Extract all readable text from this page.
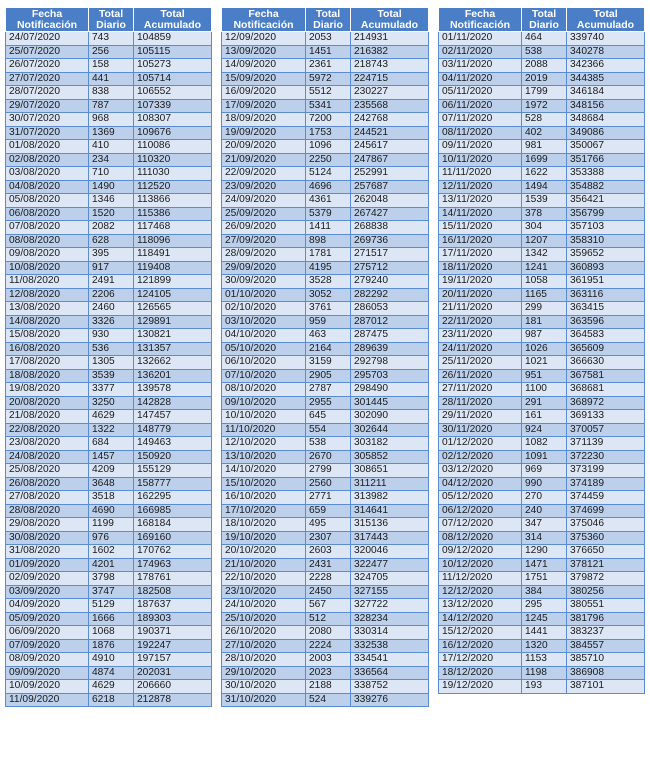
Fecha Notificación	Total Diario	Total Acumulado
24/07/2020	743	104859
25/07/2020	256	105115
26/07/2020	158	105273
27/07/2020	441	105714
28/07/2020	838	106552
29/07/2020	787	107339
30/07/2020	968	108307
31/07/2020	1369	109676
01/08/2020	410	110086
02/08/2020	234	110320
03/08/2020	710	111030
04/08/2020	1490	112520
05/08/2020	1346	113866
06/08/2020	1520	115386
07/08/2020	2082	117468
08/08/2020	628	118096
09/08/2020	395	118491
10/08/2020	917	119408
11/08/2020	2491	121899
12/08/2020	2206	124105
13/08/2020	2460	126565
14/08/2020	3326	129891
15/08/2020	930	130821
16/08/2020	536	131357
17/08/2020	1305	132662
18/08/2020	3539	136201
19/08/2020	3377	139578
20/08/2020	3250	142828
21/08/2020	4629	147457
22/08/2020	1322	148779
23/08/2020	684	149463
24/08/2020	1457	150920
25/08/2020	4209	155129
26/08/2020	3648	158777
27/08/2020	3518	162295
28/08/2020	4690	166985
29/08/2020	1199	168184
30/08/2020	976	169160
31/08/2020	1602	170762
01/09/2020	4201	174963
02/09/2020	3798	178761
03/09/2020	3747	182508
04/09/2020	5129	187637
05/09/2020	1666	189303
06/09/2020	1068	190371
07/09/2020	1876	192247
08/09/2020	4910	197157
09/09/2020	4874	202031
10/09/2020	4629	206660
11/09/2020	6218	212878
Fecha Notificación	Total Diario	Total Acumulado
12/09/2020	2053	214931
13/09/2020	1451	216382
14/09/2020	2361	218743
15/09/2020	5972	224715
16/09/2020	5512	230227
17/09/2020	5341	235568
18/09/2020	7200	242768
19/09/2020	1753	244521
20/09/2020	1096	245617
21/09/2020	2250	247867
22/09/2020	5124	252991
23/09/2020	4696	257687
24/09/2020	4361	262048
25/09/2020	5379	267427
26/09/2020	1411	268838
27/09/2020	898	269736
28/09/2020	1781	271517
29/09/2020	4195	275712
30/09/2020	3528	279240
01/10/2020	3052	282292
02/10/2020	3761	286053
03/10/2020	959	287012
04/10/2020	463	287475
05/10/2020	2164	289639
06/10/2020	3159	292798
07/10/2020	2905	295703
08/10/2020	2787	298490
09/10/2020	2955	301445
10/10/2020	645	302090
11/10/2020	554	302644
12/10/2020	538	303182
13/10/2020	2670	305852
14/10/2020	2799	308651
15/10/2020	2560	311211
16/10/2020	2771	313982
17/10/2020	659	314641
18/10/2020	495	315136
19/10/2020	2307	317443
20/10/2020	2603	320046
21/10/2020	2431	322477
22/10/2020	2228	324705
23/10/2020	2450	327155
24/10/2020	567	327722
25/10/2020	512	328234
26/10/2020	2080	330314
27/10/2020	2224	332538
28/10/2020	2003	334541
29/10/2020	2023	336564
30/10/2020	2188	338752
31/10/2020	524	339276
Fecha Notificación	Total Diario	Total Acumulado
01/11/2020	464	339740
02/11/2020	538	340278
03/11/2020	2088	342366
04/11/2020	2019	344385
05/11/2020	1799	346184
06/11/2020	1972	348156
07/11/2020	528	348684
08/11/2020	402	349086
09/11/2020	981	350067
10/11/2020	1699	351766
11/11/2020	1622	353388
12/11/2020	1494	354882
13/11/2020	1539	356421
14/11/2020	378	356799
15/11/2020	304	357103
16/11/2020	1207	358310
17/11/2020	1342	359652
18/11/2020	1241	360893
19/11/2020	1058	361951
20/11/2020	1165	363116
21/11/2020	299	363415
22/11/2020	181	363596
23/11/2020	987	364583
24/11/2020	1026	365609
25/11/2020	1021	366630
26/11/2020	951	367581
27/11/2020	1100	368681
28/11/2020	291	368972
29/11/2020	161	369133
30/11/2020	924	370057
01/12/2020	1082	371139
02/12/2020	1091	372230
03/12/2020	969	373199
04/12/2020	990	374189
05/12/2020	270	374459
06/12/2020	240	374699
07/12/2020	347	375046
08/12/2020	314	375360
09/12/2020	1290	376650
10/12/2020	1471	378121
11/12/2020	1751	379872
12/12/2020	384	380256
13/12/2020	295	380551
14/12/2020	1245	381796
15/12/2020	1441	383237
16/12/2020	1320	384557
17/12/2020	1153	385710
18/12/2020	1198	386908
19/12/2020	193	387101
